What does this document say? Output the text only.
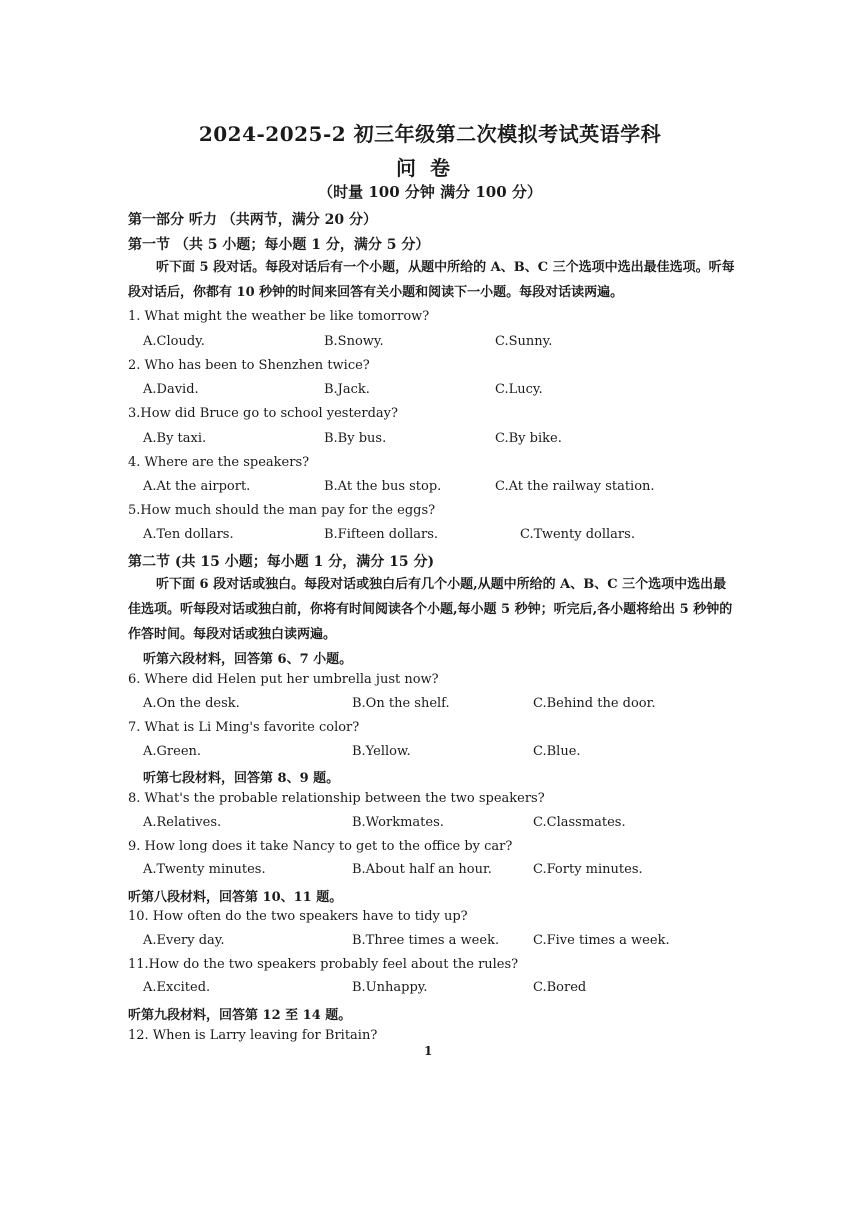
2024-2025-2 初三年级第二次模拟考试英语学科
问卷
（时量 100 分钟 满分 100 分）
第一部分 听力 （共两节，满分 20 分）
第一节 （共 5 小题；每小题 1 分，满分 5 分）
听下面 5 段对话。每段对话后有一个小题，从题中所给的 A、B、C 三个选项中选出最佳选项。听每段对话后，你都有 10 秒钟的时间来回答有关小题和阅读下一小题。每段对话读两遍。
1. What might the weather be like tomorrow?
A.Cloudy.	B.Snowy.	C.Sunny.
2. Who has been to Shenzhen twice?
A.David.	B.Jack.	C.Lucy.
3.How did Bruce go to school yesterday?
A.By taxi.	B.By bus.	C.By bike.
4. Where are the speakers?
A.At the airport.	B.At the bus stop.	C.At the railway station.
5.How much should the man pay for the eggs?
A.Ten dollars.	B.Fifteen dollars.	C.Twenty dollars.
第二节 (共 15 小题；每小题 1 分，满分 15 分)
听下面 6 段对话或独白。每段对话或独白后有几个小题,从题中所给的 A、B、C 三个选项中选出最佳选项。听每段对话或独白前，你将有时间阅读各个小题,每小题 5 秒钟；听完后,各小题将给出 5 秒钟的作答时间。每段对话或独白读两遍。
听第六段材料，回答第 6、7 小题。
6. Where did Helen put her umbrella just now?
A.On the desk.	B.On the shelf.	C.Behind the door.
7. What is Li Ming's favorite color?
A.Green.	B.Yellow.	C.Blue.
听第七段材料，回答第 8、9 题。
8. What's the probable relationship between the two speakers?
A.Relatives.	B.Workmates.	C.Classmates.
9. How long does it take Nancy to get to the office by car?
A.Twenty minutes.	B.About half an hour.	C.Forty minutes.
听第八段材料，回答第 10、11 题。
10. How often do the two speakers have to tidy up?
A.Every day.	B.Three times a week.	C.Five times a week.
11.How do the two speakers probably feel about the rules?
A.Excited.	B.Unhappy.	C.Bored
听第九段材料，回答第 12 至 14 题。
12. When is Larry leaving for Britain?
1
